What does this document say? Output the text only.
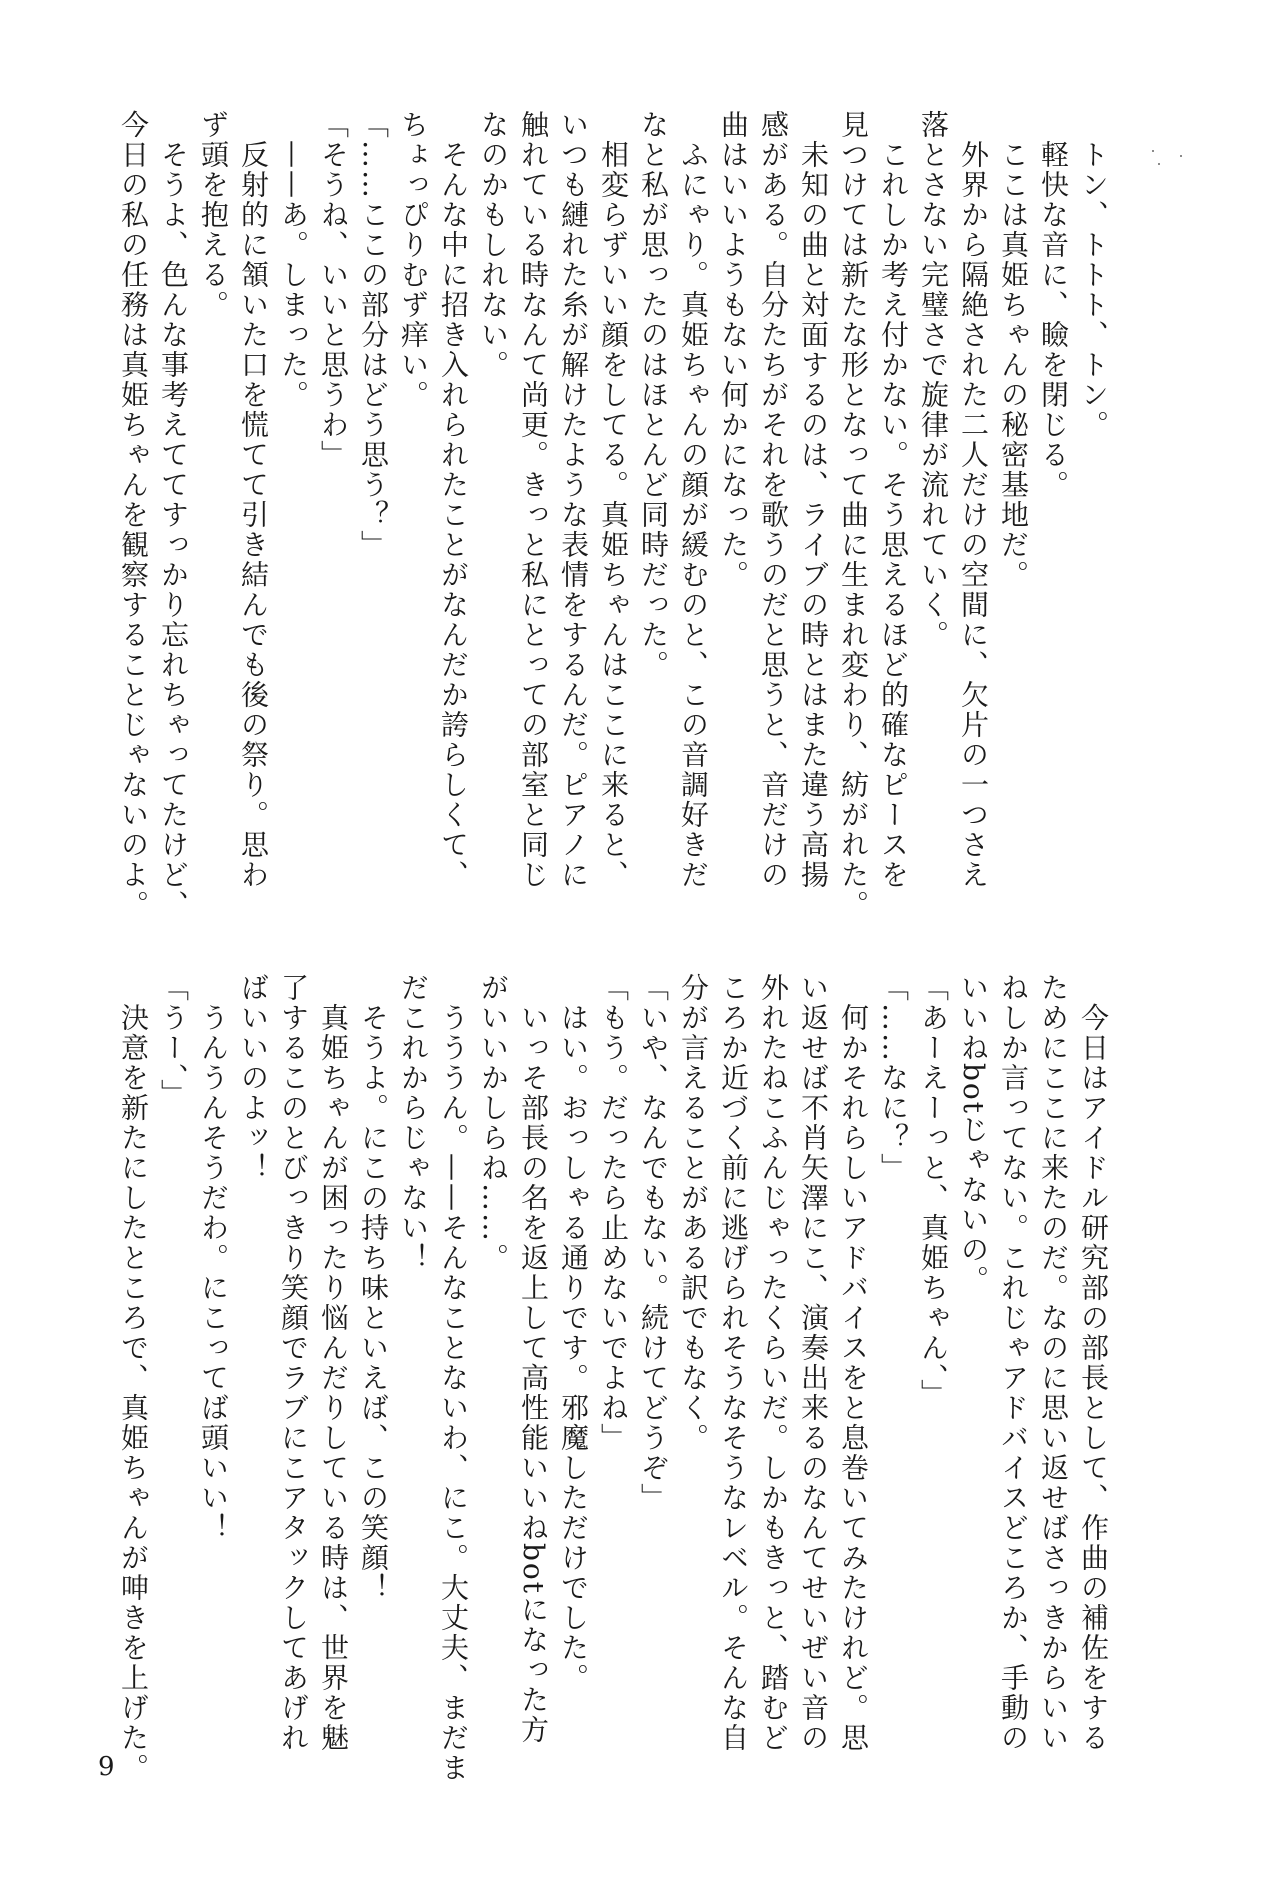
トン、トトト、トン。
軽快な音に、瞼を閉じる。
ここは真姫ちゃんの秘密基地だ。
外界から隔絶された二人だけの空間に、欠片の一つさえ
落とさない完璧さで旋律が流れていく。
これしか考え付かない。そう思えるほど的確なピースを
見つけては新たな形となって曲に生まれ変わり、紡がれた。
未知の曲と対面するのは、ライブの時とはまた違う高揚
感がある。自分たちがそれを歌うのだと思うと、音だけの
曲はいいようもない何かになった。
ふにゃり。真姫ちゃんの顔が緩むのと、この音調好きだ
なと私が思ったのはほとんど同時だった。
相変らずいい顔をしてる。真姫ちゃんはここに来ると、
いつも縺れた糸が解けたような表情をするんだ。ピアノに
触れている時なんて尚更。きっと私にとっての部室と同じ
なのかもしれない。
そんな中に招き入れられたことがなんだか誇らしくて、
ちょっぴりむず痒い。
「……ここの部分はどう思う？」
「そうね、いいと思うわ」
——あ。しまった。
反射的に頷いた口を慌てて引き結んでも後の祭り。思わ
ず頭を抱える。
そうよ、色んな事考えててすっかり忘れちゃってたけど、
今日の私の任務は真姫ちゃんを観察することじゃないのよ。
今日はアイドル研究部の部長として、作曲の補佐をする
ためにここに来たのだ。なのに思い返せばさっきからいい
ねしか言ってない。これじゃアドバイスどころか、手動の
いいねbotじゃないの。
「あーえーっと、真姫ちゃん、」
「……なに？」
何かそれらしいアドバイスをと息巻いてみたけれど。思
い返せば不肖矢澤にこ、演奏出来るのなんてせいぜい音の
外れたねこふんじゃったくらいだ。しかもきっと、踏むど
ころか近づく前に逃げられそうなそうなレベル。そんな自
分が言えることがある訳でもなく。
「いや、なんでもない。続けてどうぞ」
「もう。だったら止めないでよね」
はい。おっしゃる通りです。邪魔しただけでした。
いっそ部長の名を返上して高性能いいねbotになった方
がいいかしらね……。
うううん。——そんなことないわ、にこ。大丈夫、まだま
だこれからじゃない！
そうよ。にこの持ち味といえば、この笑顔！
真姫ちゃんが困ったり悩んだりしている時は、世界を魅
了するこのとびっきり笑顔でラブにこアタックしてあげれ
ばいいのよッ！
うんうんそうだわ。にこってば頭いい！
「うー、」
決意を新たにしたところで、真姫ちゃんが呻きを上げた。
9
